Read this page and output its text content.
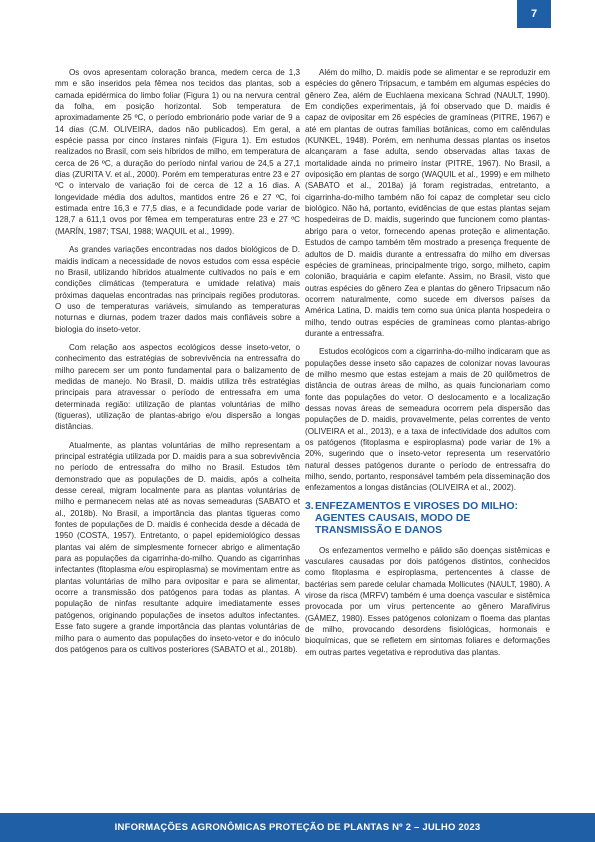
7

Os ovos apresentam coloração branca, medem cerca de 1,3 mm e são inseridos pela fêmea nos tecidos das plantas, sob a camada epidérmica do limbo foliar (Figura 1) ou na nervura central da folha, em posição horizontal. Sob temperatura de aproximadamente 25 ºC, o período embrionário pode variar de 9 a 14 dias (C.M. OLIVEIRA, dados não publicados). Em geral, a espécie passa por cinco ínstares ninfais (Figura 1). Em estudos realizados no Brasil, com seis híbridos de milho, em temperatura de cerca de 26 ºC, a duração do período ninfal variou de 24,5 a 27,1 dias (ZURITA V. et al., 2000). Porém em temperaturas entre 23 e 27 ºC o intervalo de variação foi de cerca de 12 a 16 dias. A longevidade média dos adultos, mantidos entre 26 e 27 ºC, foi estimada entre 16,3 e 77,5 dias, e a fecundidade pode variar de 128,7 a 611,1 ovos por fêmea em temperaturas entre 23 e 27 ºC (MARÍN, 1987; TSAI, 1988; WAQUIL et al., 1999).

As grandes variações encontradas nos dados biológicos de D. maidis indicam a necessidade de novos estudos com essa espécie no Brasil, utilizando híbridos atualmente cultivados no país e em condições climáticas (temperatura e umidade relativa) mais próximas daquelas encontradas nas principais regiões produtoras. O uso de temperaturas variáveis, simulando as temperaturas noturnas e diurnas, podem trazer dados mais confiáveis sobre a biologia do inseto-vetor.

Com relação aos aspectos ecológicos desse inseto-vetor, o conhecimento das estratégias de sobrevivência na entressafra do milho parecem ser um ponto fundamental para o balizamento de medidas de manejo. No Brasil, D. maidis utiliza três estratégias principais para atravessar o período de entressafra em uma determinada região: utilização de plantas voluntárias de milho (tigueras), utilização de plantas-abrigo e/ou dispersão a longas distâncias.

Atualmente, as plantas voluntárias de milho representam a principal estratégia utilizada por D. maidis para a sua sobrevivência no período de entressafra do milho no Brasil. Estudos têm demonstrado que as populações de D. maidis, após a colheita desse cereal, migram localmente para as plantas voluntárias de milho e permanecem nelas até as novas semeaduras (SABATO et al., 2018b). No Brasil, a importância das plantas tigueras como fontes de populações de D. maidis é conhecida desde a década de 1950 (COSTA, 1957). Entretanto, o papel epidemiológico dessas plantas vai além de simplesmente fornecer abrigo e alimentação para as populações da cigarrinha-do-milho. Quando as cigarrinhas infectantes (fitoplasma e/ou espiroplasma) se movimentam entre as plantas voluntárias de milho para ovipositar e para se alimentar, ocorre a transmissão dos patógenos para todas as plantas. A população de ninfas resultante adquire imediatamente esses patógenos, originando populações de insetos adultos infectantes. Esse fato sugere a grande importância das plantas voluntárias de milho para o aumento das populações do inseto-vetor e do inóculo dos patógenos para os cultivos posteriores (SABATO et al., 2018b).

Além do milho, D. maidis pode se alimentar e se reproduzir em espécies do gênero Tripsacum, e também em algumas espécies do gênero Zea, além de Euchlaena mexicana Schrad (NAULT, 1990). Em condições experimentais, já foi observado que D. maidis é capaz de ovipositar em 26 espécies de gramíneas (PITRE, 1967) e até em plantas de outras famílias botânicas, como em calêndulas (KUNKEL, 1948). Porém, em nenhuma dessas plantas os insetos alcançaram a fase adulta, sendo observadas altas taxas de mortalidade ainda no primeiro ínstar (PITRE, 1967). No Brasil, a oviposição em plantas de sorgo (WAQUIL et al., 1999) e em milheto (SABATO et al., 2018a) já foram registradas, entretanto, a cigarrinha-do-milho também não foi capaz de completar seu ciclo biológico. Não há, portanto, evidências de que estas plantas sejam hospedeiras de D. maidis, sugerindo que funcionem como plantas-abrigo para o vetor, fornecendo apenas proteção e alimentação. Estudos de campo também têm mostrado a presença frequente de adultos de D. maidis durante a entressafra do milho em diversas espécies de gramíneas, principalmente trigo, sorgo, milheto, capim colonião, braquiária e capim elefante. Assim, no Brasil, visto que outras espécies do gênero Zea e plantas do gênero Tripsacum não ocorrem naturalmente, como sucede em diversos países da América Latina, D. maidis tem como sua única planta hospedeira o milho, tendo outras espécies de gramíneas como plantas-abrigo durante a entressafra.

Estudos ecológicos com a cigarrinha-do-milho indicaram que as populações desse inseto são capazes de colonizar novas lavouras de milho mesmo que estas estejam a mais de 20 quilômetros de distância de outras áreas de milho, as quais funcionariam como fonte das populações do vetor. O deslocamento e a localização dessas novas áreas de semeadura ocorrem pela dispersão das populações de D. maidis, provavelmente, pelas correntes de vento (OLIVEIRA et al., 2013), e a taxa de infectividade dos adultos com os patógenos (fitoplasma e espiroplasma) pode variar de 1% a 20%, sugerindo que o inseto-vetor representa um reservatório natural desses patógenos durante o período de entressafra do milho, sendo, portanto, responsável também pela disseminação dos enfezamentos a longas distâncias (OLIVEIRA et al., 2002).

3.ENFEZAMENTOS E VIROSES DO MILHO:
AGENTES CAUSAIS, MODO DE
TRANSMISSÃO E DANOS

Os enfezamentos vermelho e pálido são doenças sistêmicas e vasculares causadas por dois patógenos distintos, conhecidos como fitoplasma e espiroplasma, pertencentes à classe de bactérias sem parede celular chamada Mollicutes (NAULT, 1980). A virose da risca (MRFV) também é uma doença vascular e sistêmica provocada por um vírus pertencente ao gênero Marafivirus (GÁMEZ, 1980). Esses patógenos colonizam o floema das plantas de milho, provocando desordens fisiológicas, hormonais e bioquímicas, que se refletem em sintomas foliares e deformações em outras partes vegetativa e reprodutiva das plantas.

INFORMAÇÕES AGRONÔMICAS PROTEÇÃO DE PLANTAS Nº 2 – JULHO 2023
